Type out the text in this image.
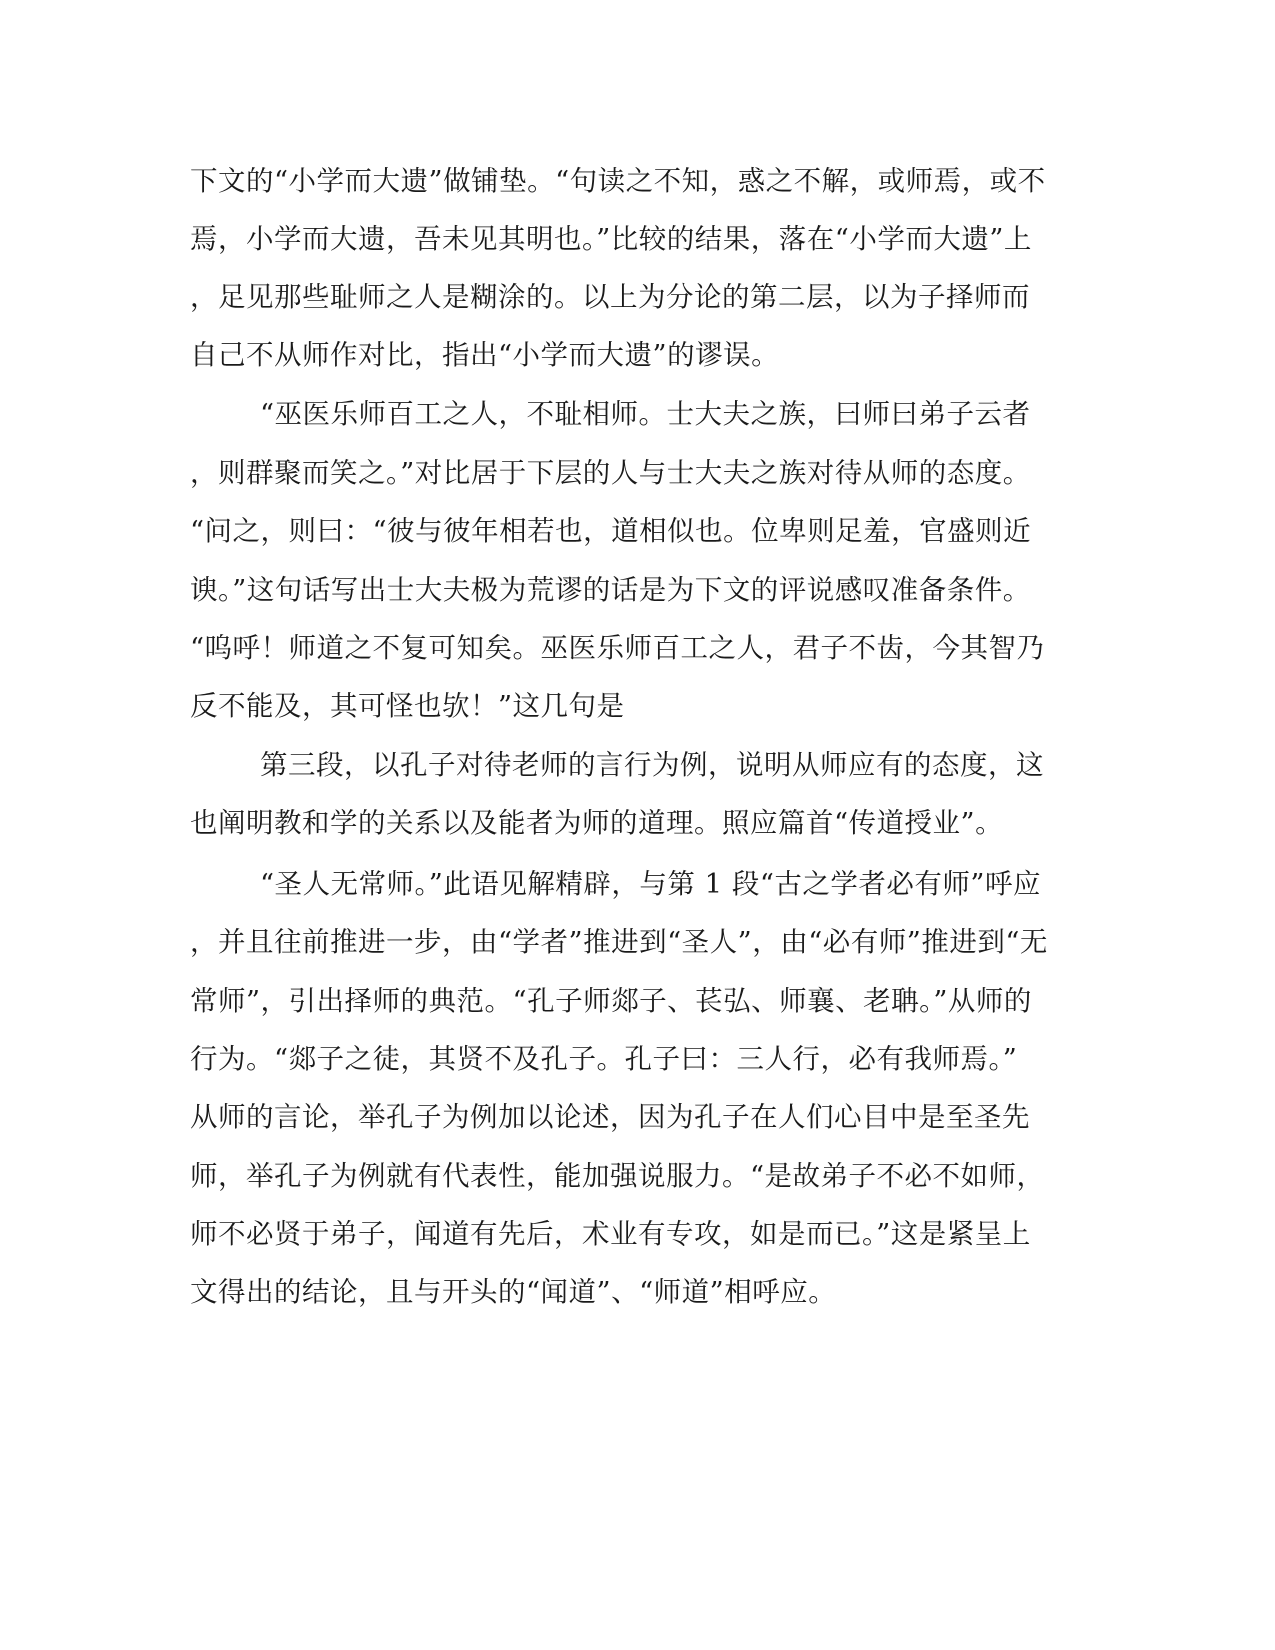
下文的“小学而大遗”做铺垫。“句读之不知，惑之不解，或师焉，或不

焉，小学而大遗，吾未见其明也。”比较的结果，落在“小学而大遗”上

，足见那些耻师之人是糊涂的。以上为分论的第二层，以为子择师而

自己不从师作对比，指出“小学而大遗”的谬误。

“巫医乐师百工之人，不耻相师。士大夫之族，曰师曰弟子云者

，则群聚而笑之。”对比居于下层的人与士大夫之族对待从师的态度。

“问之，则曰：“彼与彼年相若也，道相似也。位卑则足羞，官盛则近

谀。”这句话写出士大夫极为荒谬的话是为下文的评说感叹准备条件。

“呜呼！师道之不复可知矣。巫医乐师百工之人，君子不齿，今其智乃

反不能及，其可怪也欤！”这几句是

第三段，以孔子对待老师的言行为例，说明从师应有的态度，这

也阐明教和学的关系以及能者为师的道理。照应篇首“传道授业”。

“圣人无常师。”此语见解精辟，与第 1 段“古之学者必有师”呼应

，并且往前推进一步，由“学者”推进到“圣人”，由“必有师”推进到“无

常师”，引出择师的典范。“孔子师郯子、苌弘、师襄、老聃。”从师的

行为。“郯子之徒，其贤不及孔子。孔子曰：三人行，必有我师焉。”

从师的言论，举孔子为例加以论述，因为孔子在人们心目中是至圣先

师，举孔子为例就有代表性，能加强说服力。“是故弟子不必不如师，

师不必贤于弟子，闻道有先后，术业有专攻，如是而已。”这是紧呈上

文得出的结论，且与开头的“闻道”、“师道”相呼应。
